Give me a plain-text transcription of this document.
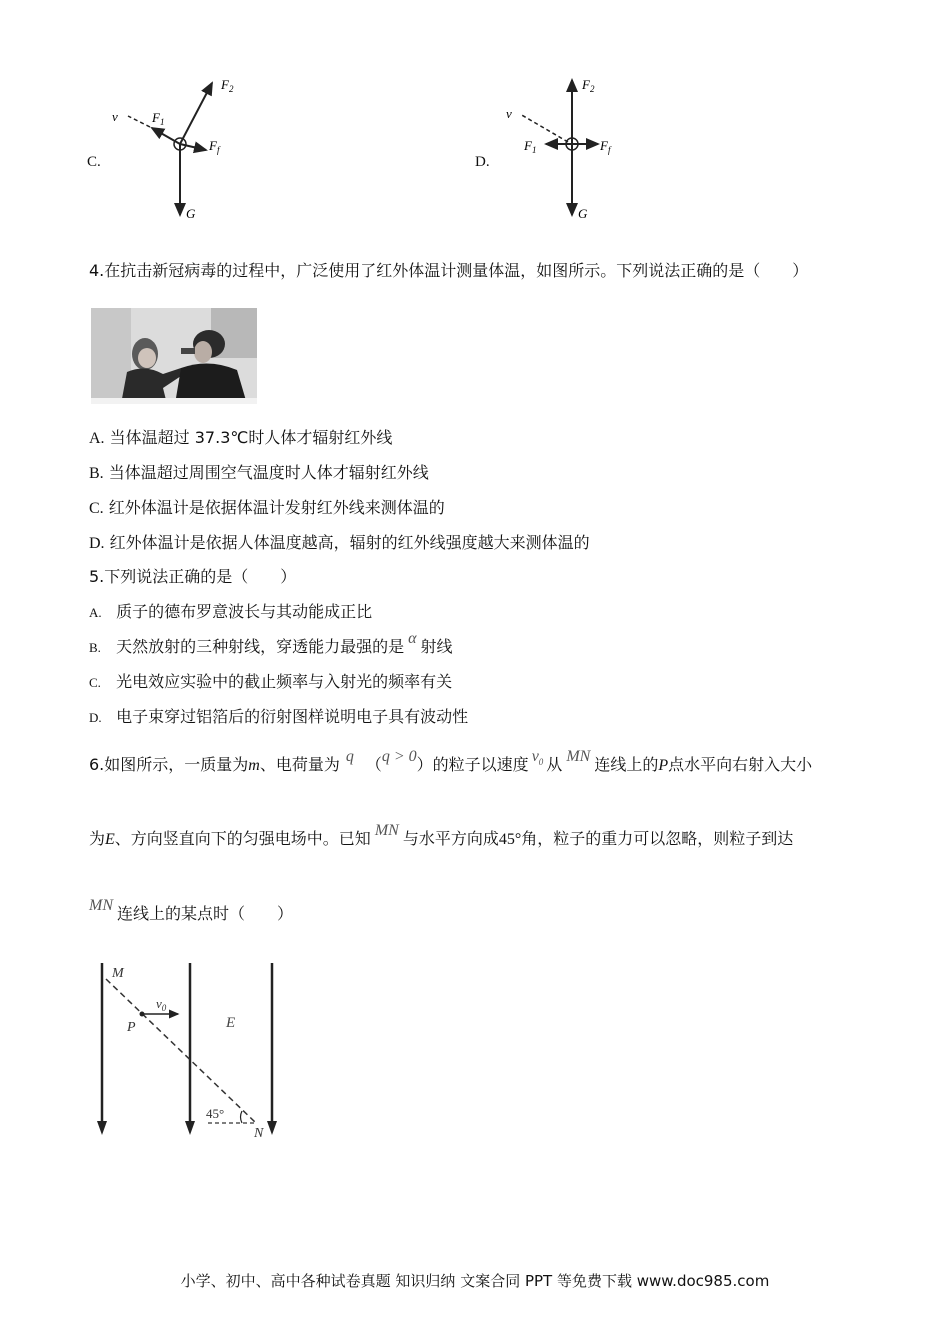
C.
v	$F_1$
$F_2$
$F_f$
G
D.
v
$F_1$
$F_2$
$F_f$
G
4.在抗击新冠病毒的过程中，广泛使用了红外体温计测量体温，如图所示。下列说法正确的是（　　）
A. 当体温超过 37.3℃时人体才辐射红外线
B. 当体温超过周围空气温度时人体才辐射红外线
C. 红外体温计是依据体温计发射红外线来测体温的
D. 红外体温计是依据人体温度越高，辐射的红外线强度越大来测体温的
5.下列说法正确的是（　　）
A. 质子的德布罗意波长与其动能成正比
B. 天然放射的三种射线，穿透能力最强的是 α 射线
C. 光电效应实验中的截止频率与入射光的频率有关
D. 电子束穿过铝箔后的衍射图样说明电子具有波动性
6.如图所示，一质量为m、电荷量为 q （q > 0）的粒子以速度 $v_0$ 从 MN 连线上的P点水平向右射入大小
为E、方向竖直向下的匀强电场中。已知 MN 与水平方向成45°角，粒子的重力可以忽略，则粒子到达
MN 连线上的某点时（　　）
M
P
$v_0$
E
45°
N
小学、初中、高中各种试卷真题 知识归纳 文案合同 PPT 等免费下载 www.doc985.com
